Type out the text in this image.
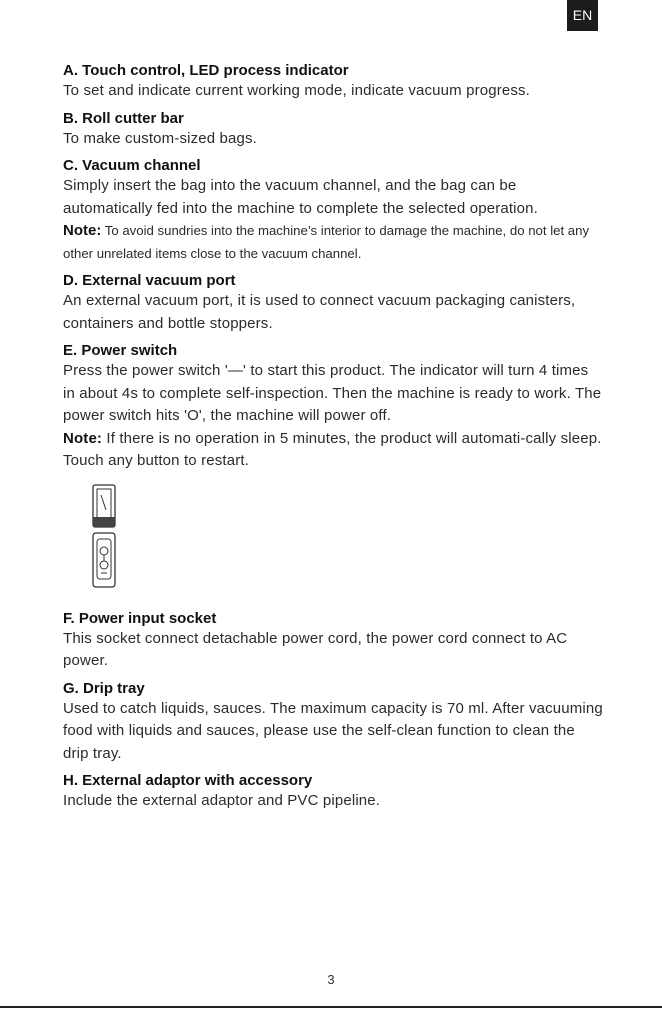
EN
A. Touch control, LED process indicator

To set and indicate current working mode, indicate vacuum progress.

B. Roll cutter bar

To make custom-sized bags.

C. Vacuum channel

Simply insert the bag into the vacuum channel, and the bag can be automatically fed into the machine to complete the selected operation.

Note: To avoid sundries into the machine’s interior to damage the machine, do not let any other unrelated items close to the vacuum channel.

D. External vacuum port

An external vacuum port, it is used to connect vacuum packaging canisters, containers and bottle stoppers.

E. Power switch

Press the power switch '—' to start this product. The indicator will turn 4 times in about 4s to complete self-inspection. Then the machine is ready to work. The power switch hits 'O', the machine will power off.

Note: If there is no operation in 5 minutes, the product will automati-cally sleep. Touch any button to restart.

F. Power input socket

This socket connect detachable power cord, the power cord connect to AC power.

G. Drip tray

Used to catch liquids, sauces. The maximum capacity is 70 ml. After vacuuming food with liquids and sauces, please use the self-clean function to clean the drip tray.

H. External adaptor with accessory

Include the external adaptor and PVC pipeline.

3
